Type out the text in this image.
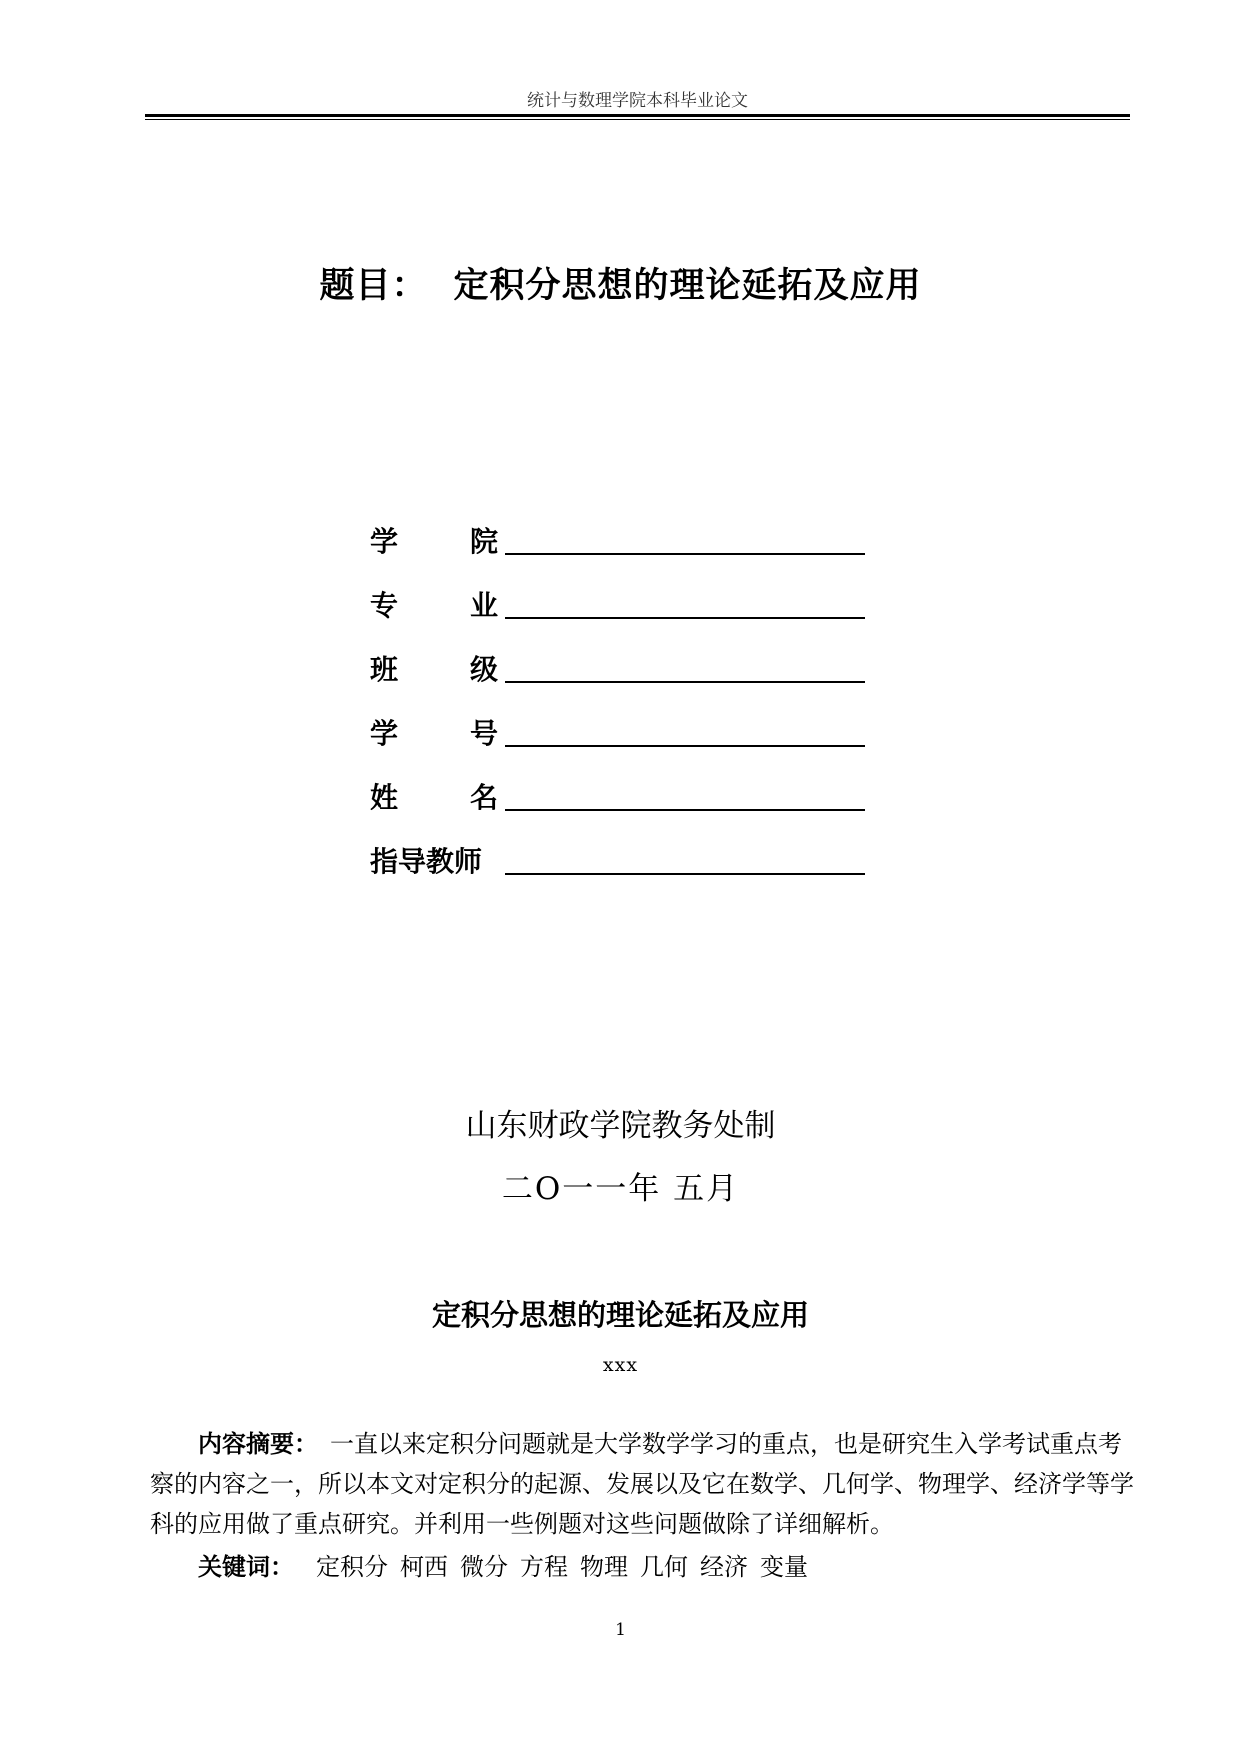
统计与数理学院本科毕业论文
题目： 定积分思想的理论延拓及应用
学	院
专	业
班	级
学	号
姓	名
指导教师
山东财政学院教务处制
二O一一年 五月
定积分思想的理论延拓及应用
xxx
内容摘要：　 一直以来定积分问题就是大学数学学习的重点，也是研究生入学考试重点考察的内容之一，所以本文对定积分的起源、发展以及它在数学、几何学、物理学、经济学等学科的应用做了重点研究。并利用一些例题对这些问题做除了详细解析。
关键词： 定积分 柯西 微分 方程 物理 几何 经济 变量
1
